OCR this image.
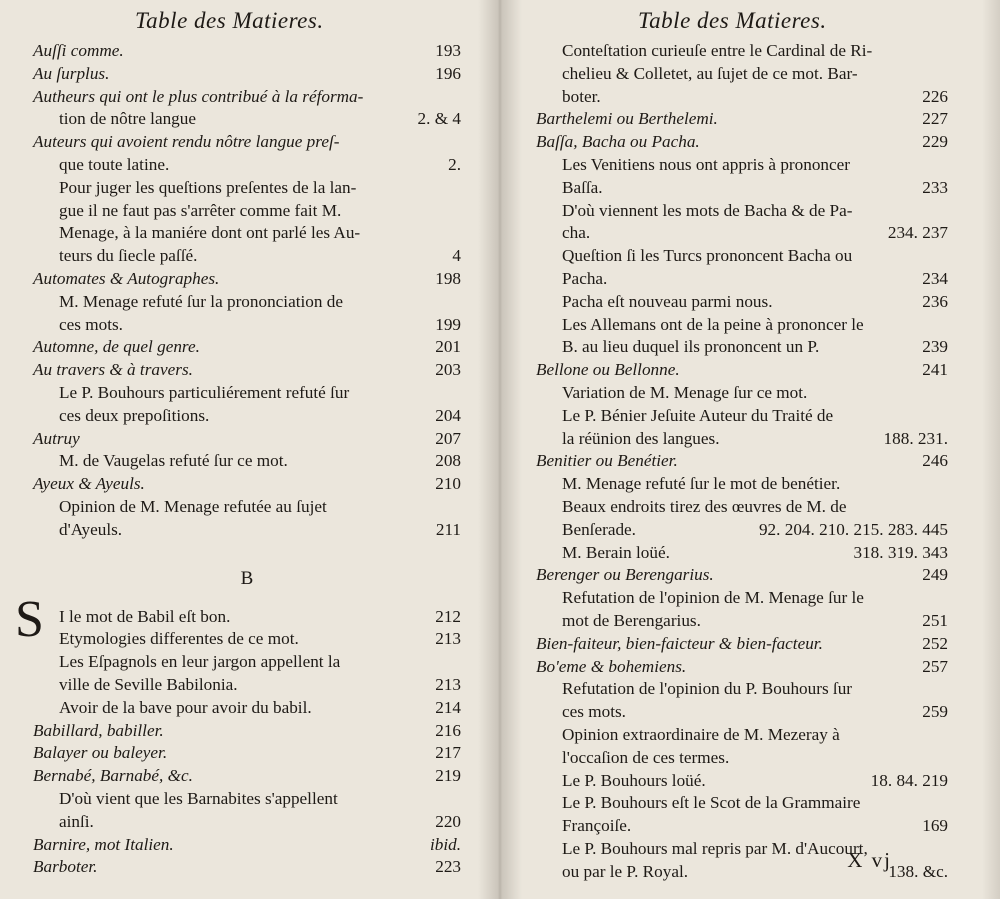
Table des Matieres.
Auſſi comme.	193
Au ſurplus.	196
Autheurs qui ont le plus contribué à la réforma-
tion de nôtre langue	2. & 4
Auteurs qui avoient rendu nôtre langue preſ-
que toute latine.	2.
Pour juger les queſtions preſentes de la lan-
gue il ne faut pas s'arrêter comme fait M.
Menage, à la maniére dont ont parlé les Au-
teurs du ſiecle paſſé.	4
Automates & Autographes.	198
M. Menage refuté ſur la prononciation de
ces mots.	199
Automne, de quel genre.	201
Au travers & à travers.	203
Le P. Bouhours particuliérement refuté ſur
ces deux prepoſitions.	204
Autruy	207
M. de Vaugelas refuté ſur ce mot.	208
Ayeux & Ayeuls.	210
Opinion de M. Menage refutée au ſujet
d'Ayeuls.	211
B
S I le mot de Babil eſt bon.	212
Etymologies differentes de ce mot.	213
Les Eſpagnols en leur jargon appellent la
ville de Seville Babilonia.	213
Avoir de la bave pour avoir du babil.	214
Babillard, babiller.	216
Balayer ou baleyer.	217
Bernabé, Barnabé, &c.	219
D'où vient que les Barnabites s'appellent
ainſi.	220
Barnire, mot Italien.	ibid.
Barboter.	223
Table des Matieres.
Conteſtation curieuſe entre le Cardinal de Ri-
chelieu & Colletet, au ſujet de ce mot. Bar-
boter.	226
Barthelemi ou Berthelemi.	227
Baſſa, Bacha ou Pacha.	229
Les Venitiens nous ont appris à prononcer
Baſſa.	233
D'où viennent les mots de Bacha & de Pa-
cha.	234. 237
Queſtion ſi les Turcs prononcent Bacha ou
Pacha.	234
Pacha eſt nouveau parmi nous.	236
Les Allemans ont de la peine à prononcer le
B. au lieu duquel ils prononcent un P.	239
Bellone ou Bellonne.	241
Variation de M. Menage ſur ce mot.
Le P. Bénier Jeſuite Auteur du Traité de
la réünion des langues.	188. 231.
Benitier ou Benétier.	246
M. Menage refuté ſur le mot de benétier.
Beaux endroits tirez des œuvres de M. de
Benſerade.	92. 204. 210. 215. 283. 445
M. Berain loüé.	318. 319. 343
Berenger ou Berengarius.	249
Refutation de l'opinion de M. Menage ſur le
mot de Berengarius.	251
Bien-faiteur, bien-faicteur & bien-facteur.	252
Bo'eme & bohemiens.	257
Refutation de l'opinion du P. Bouhours ſur
ces mots.	259
Opinion extraordinaire de M. Mezeray à
l'occaſion de ces termes.
Le P. Bouhours loüé.	18. 84. 219
Le P. Bouhours eſt le Scot de la Grammaire
Françoiſe.	169
Le P. Bouhours mal repris par M. d'Aucourt,
ou par le P. Royal.	138. &c.
X vj
